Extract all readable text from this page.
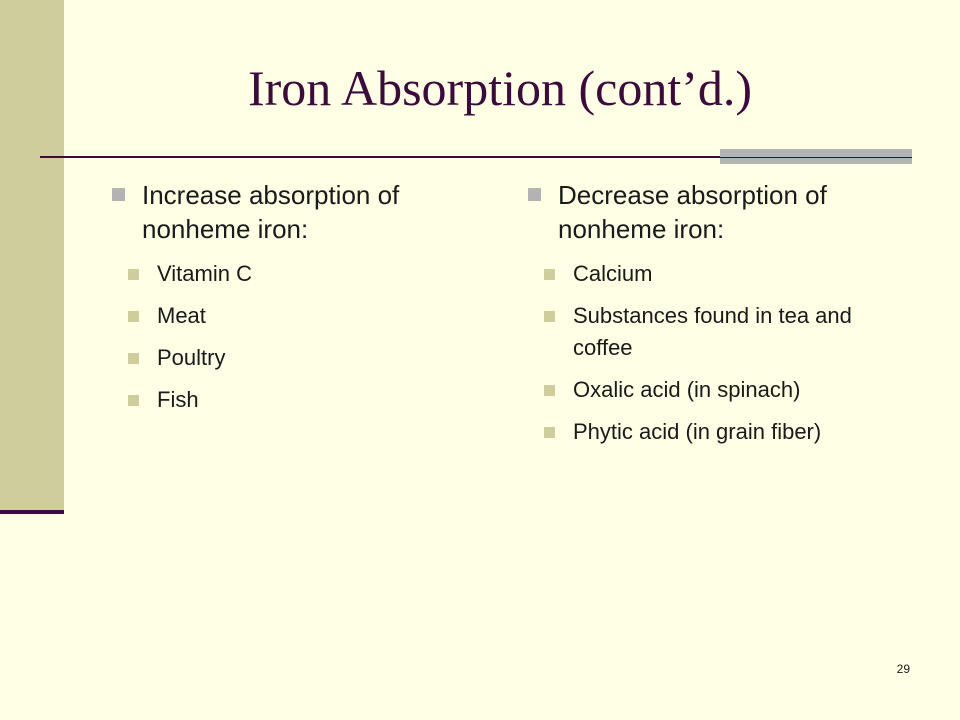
Iron Absorption (cont’d.)
Increase absorption of nonheme iron:
Vitamin C
Meat
Poultry
Fish
Decrease absorption of nonheme iron:
Calcium
Substances found in tea and coffee
Oxalic acid (in spinach)
Phytic acid (in grain fiber)
29
